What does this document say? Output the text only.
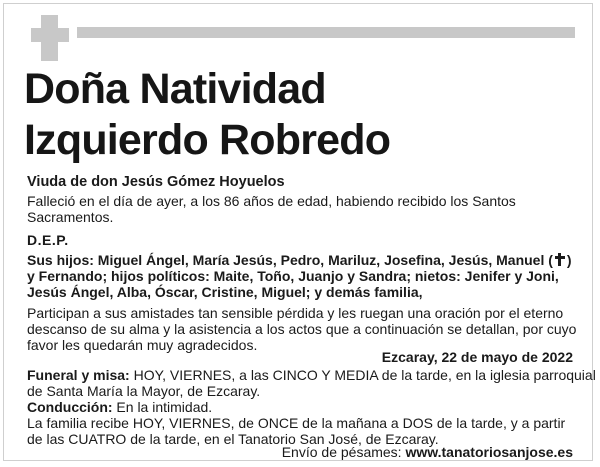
Doña Natividad
Izquierdo Robredo

Viuda de don Jesús Gómez Hoyuelos

Falleció en el día de ayer, a los 86 años de edad, habiendo recibido los Santos
Sacramentos.

D.E.P.

Sus hijos: Miguel Ángel, María Jesús, Pedro, Mariluz, Josefina, Jesús, Manuel ( )
y Fernando; hijos políticos: Maite, Toño, Juanjo y Sandra; nietos: Jenifer y Joni,
Jesús Ángel, Alba, Óscar, Cristine, Miguel; y demás familia,

Participan a sus amistades tan sensible pérdida y les ruegan una oración por el eterno
descanso de su alma y la asistencia a los actos que a continuación se detallan, por cuyo
favor les quedarán muy agradecidos.

Ezcaray, 22 de mayo de 2022

Funeral y misa: HOY, VIERNES, a las CINCO Y MEDIA de la tarde, en la iglesia parroquial
de Santa María la Mayor, de Ezcaray.

Conducción: En la intimidad.

La familia recibe HOY, VIERNES, de ONCE de la mañana a DOS de la tarde, y a partir
de las CUATRO de la tarde, en el Tanatorio San José, de Ezcaray.

Envío de pésames: www.tanatoriosanjose.es
